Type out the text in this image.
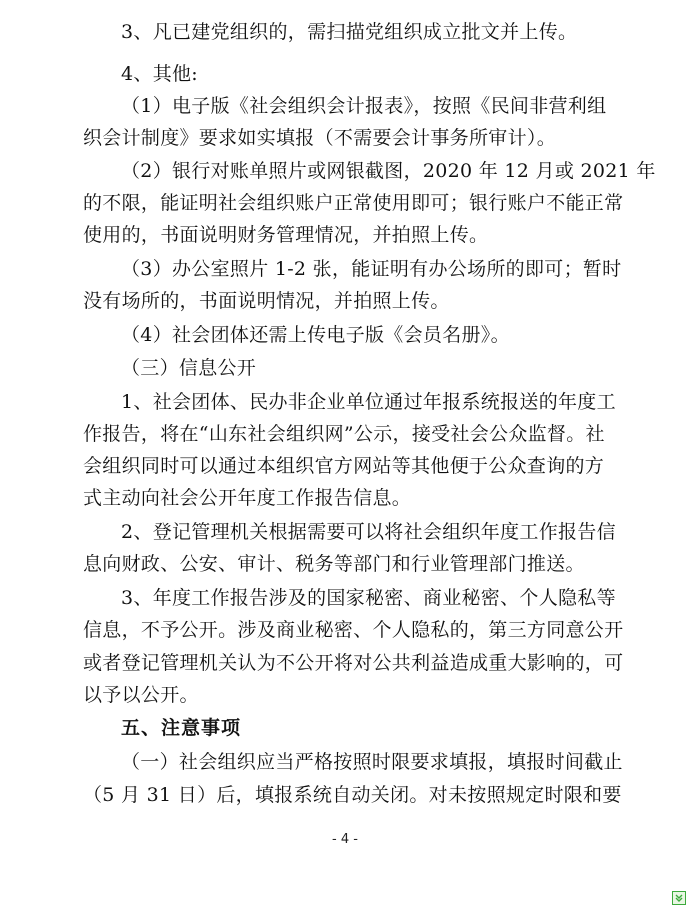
3、凡已建党组织的，需扫描党组织成立批文并上传。
4、其他:
（1）电子版《社会组织会计报表》，按照《民间非营利组
织会计制度》要求如实填报（不需要会计事务所审计）。
（2）银行对账单照片或网银截图，2020 年 12 月或 2021 年
的不限，能证明社会组织账户正常使用即可；银行账户不能正常
使用的，书面说明财务管理情况，并拍照上传。
（3）办公室照片 1-2 张，能证明有办公场所的即可；暂时
没有场所的，书面说明情况，并拍照上传。
（4）社会团体还需上传电子版《会员名册》。
（三）信息公开
1、社会团体、民办非企业单位通过年报系统报送的年度工
作报告，将在“山东社会组织网”公示，接受社会公众监督。社
会组织同时可以通过本组织官方网站等其他便于公众查询的方
式主动向社会公开年度工作报告信息。
2、登记管理机关根据需要可以将社会组织年度工作报告信
息向财政、公安、审计、税务等部门和行业管理部门推送。
3、年度工作报告涉及的国家秘密、商业秘密、个人隐私等
信息，不予公开。涉及商业秘密、个人隐私的，第三方同意公开
或者登记管理机关认为不公开将对公共利益造成重大影响的，可
以予以公开。
五、注意事项
（一）社会组织应当严格按照时限要求填报，填报时间截止
（5 月 31 日）后，填报系统自动关闭。对未按照规定时限和要
- 4 -
